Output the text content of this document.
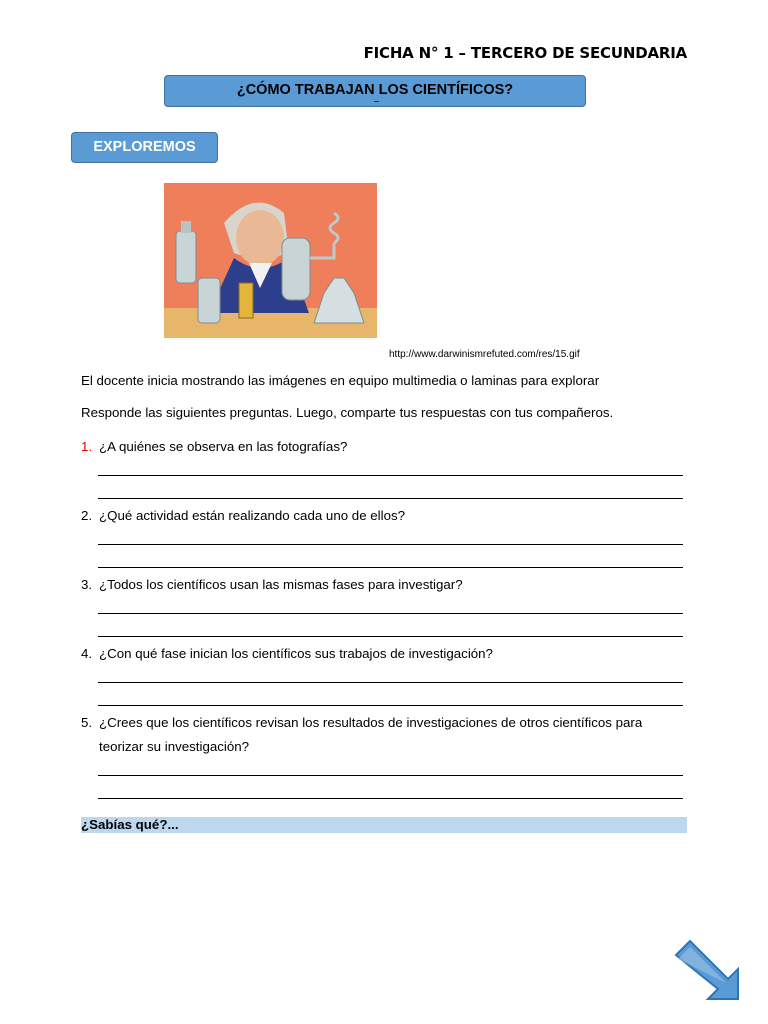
FICHA N° 1 – TERCERO DE SECUNDARIA
¿CÓMO TRABAJAN LOS CIENTÍFICOS?
EXPLOREMOS
http://www.darwinismrefuted.com/res/15.gif
El docente inicia mostrando las imágenes en equipo multimedia o laminas para explorar
Responde las siguientes preguntas. Luego, comparte tus respuestas con tus compañeros.
1. ¿A quiénes se observa en las fotografías?
2. ¿Qué actividad están realizando cada uno de ellos?
3. ¿Todos los científicos usan las mismas fases para investigar?
4. ¿Con qué fase inician los científicos sus trabajos de investigación?
5. ¿Crees que los científicos revisan los resultados de investigaciones de otros científicos para
teorizar su investigación?
¿Sabías qué?...
